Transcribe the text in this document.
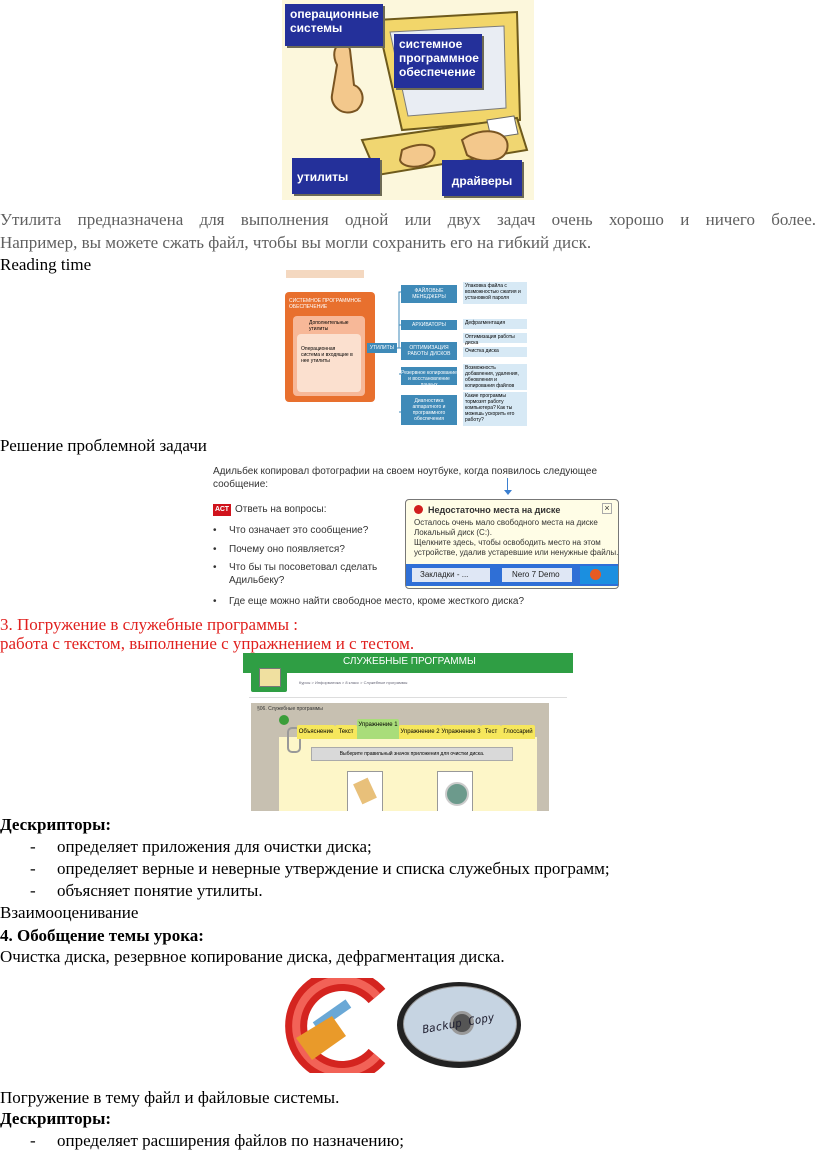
операционные системы
системное программное обеспечение
утилиты	драйверы
Утилита предназначена для выполнения одной или двух задач очень хорошо и ничего более.
Например, вы можете сжать файл, чтобы вы могли сохранить его на гибкий диск.
Reading time
СИСТЕМНОЕ ПРОГРАММНОЕ ОБЕСПЕЧЕНИЕ
Дополнительные утилиты
Операционная система и входящие в нее утилиты
УТИЛИТЫ
ФАЙЛОВЫЕ МЕНЕДЖЕРЫ
АРХИВАТОРЫ
ОПТИМИЗАЦИЯ РАБОТЫ ДИСКОВ
Резервное копирование и восстановление данных
Диагностика аппаратного и программного обеспечения
Упаковка файла с возможностью сжатия и установкой пароля
Дефрагментация
Оптимизация работы диска
Очистка диска
Возможность добавления, удаления, обновления и копирования файлов
Какие программы тормозят работу компьютера? Как ты можешь ускорить его работу?
Решение проблемной задачи
Адильбек копировал фотографии на своем ноутбуке, когда появилось следующее
сообщение:
АСТ Ответь на вопросы:
• Что означает это сообщение?
• Почему оно появляется?
• Что бы ты посоветовал сделать
Адильбеку?
• Где еще можно найти свободное место, кроме жесткого диска?
Недостаточно места на диске	×
Осталось очень мало свободного места на диске
Локальный диск (C:).
Щелкните здесь, чтобы освободить место на этом
устройстве, удалив устаревшие или ненужные файлы.
Закладки - ...	Nero 7 Demo
3. Погружение в служебные программы :
работа с текстом, выполнение с упражнением и с тестом.
СЛУЖЕБНЫЕ ПРОГРАММЫ
Курсы > Информатика > 8 класс > Служебные программы
§06. Служебные программы
Выберите правильный значок приложения для очистки диска.
Объяснение Текст
Упражнение 1
Упражнение 2 Упражнение 3 Тест	Глоссарий
Дескрипторы:
- определяет приложения для очистки диска;
- определяет верные и неверные утверждение и списка служебных программ;
- объясняет понятие утилиты.
Взаимооценивание
4. Обобщение темы урока:
Очистка диска, резервное копирование диска, дефрагментация диска.
Backup Copy
Погружение в тему файл и файловые системы.
Дескрипторы:
- определяет расширения файлов по назначению;
